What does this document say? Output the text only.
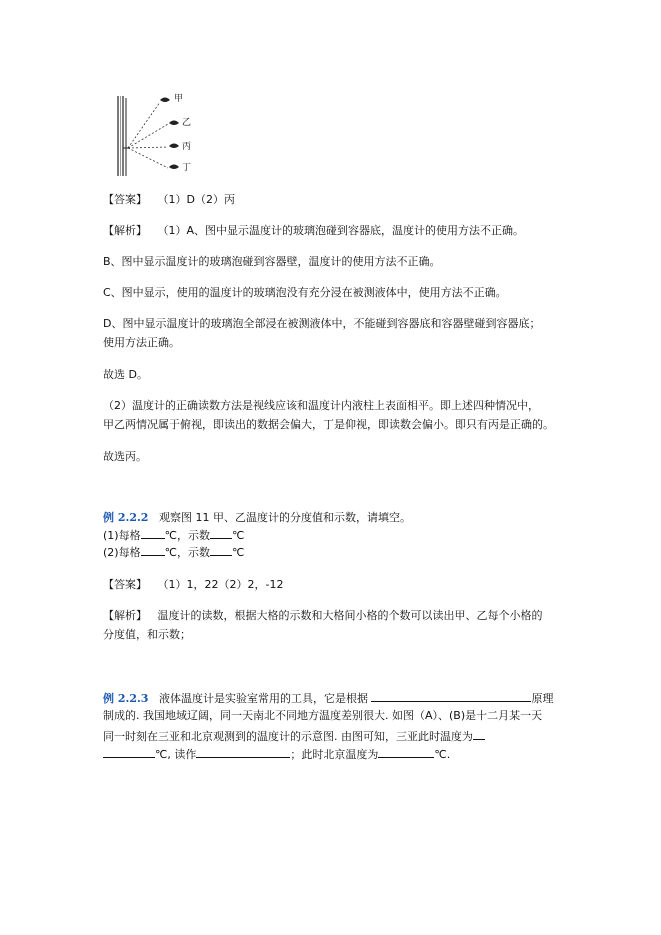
甲
乙
丙
丁
【答案】 （1）D（2）丙
【解析】 （1）A、图中显示温度计的玻璃泡碰到容器底，温度计的使用方法不正确。
B、图中显示温度计的玻璃泡碰到容器壁，温度计的使用方法不正确。
C、图中显示，使用的温度计的玻璃泡没有充分浸在被测液体中，使用方法不正确。
D、图中显示温度计的玻璃泡全部浸在被测液体中，不能碰到容器底和容器壁碰到容器底；
使用方法正确。
故选 D。
（2）温度计的正确读数方法是视线应该和温度计内液柱上表面相平。即上述四种情况中，
甲乙两情况属于俯视，即读出的数据会偏大，丁是仰视，即读数会偏小。即只有丙是正确的。
故选丙。
例 2.2.2 观察图 11 甲、乙温度计的分度值和示数，请填空。
(1)每格 ℃，示数 ℃
(2)每格 ℃，示数 ℃
【答案】 （1）1，22（2）2，-12
【解析】 温度计的读数，根据大格的示数和大格间小格的个数可以读出甲、乙每个小格的
分度值，和示数；
例 2.2.3 液体温度计是实验室常用的工具，它是根据	原理
制成的. 我国地域辽阔，同一天南北不同地方温度差别很大. 如图（A）、(B)是十二月某一天
同一时刻在三亚和北京观测到的温度计的示意图. 由图可知，三亚此时温度为
℃, 读作	；此时北京温度为	℃.
